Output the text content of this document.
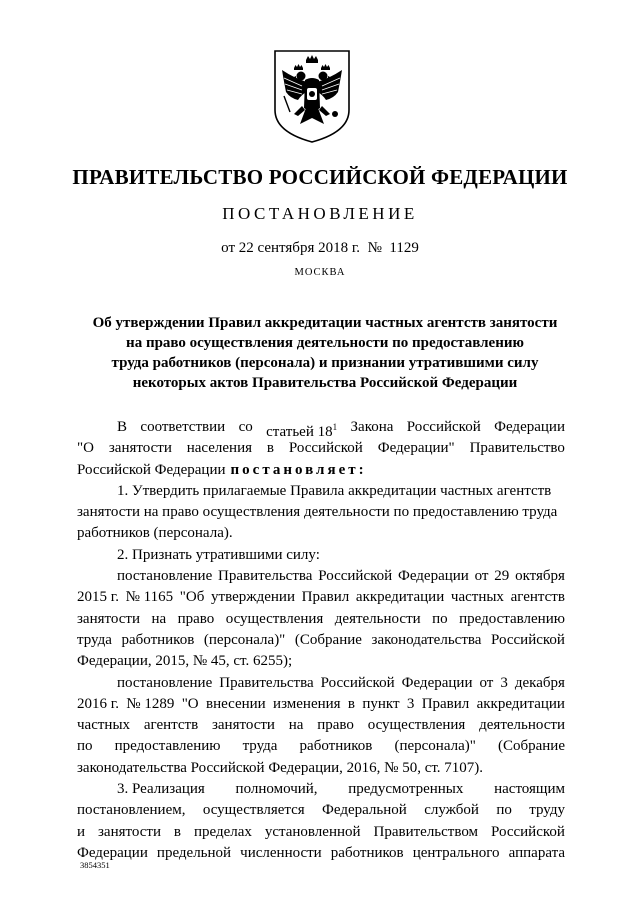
ПРАВИТЕЛЬСТВО РОССИЙСКОЙ ФЕДЕРАЦИИ
ПОСТАНОВЛЕНИЕ
от 22 сентября 2018 г. № 1129
МОСКВА
Об утверждении Правил аккредитации частных агентств занятости
на право осуществления деятельности по предоставлению
труда работников (персонала) и признании утратившими силу
некоторых актов Правительства Российской Федерации
В соответствии со статьей $18^1$ Закона Российской Федерации
"О занятости населения в Российской Федерации" Правительство
Российской Федерации постановляет:
1. Утвердить прилагаемые Правила аккредитации частных агентств
занятости на право осуществления деятельности по предоставлению труда
работников (персонала).
2. Признать утратившими силу:
постановление Правительства Российской Федерации от 29 октября
2015 г. № 1165 "Об утверждении Правил аккредитации частных агентств
занятости на право осуществления деятельности по предоставлению
труда работников (персонала)" (Собрание законодательства Российской
Федерации, 2015, № 45, ст. 6255);
постановление Правительства Российской Федерации от 3 декабря
2016 г. № 1289 "О внесении изменения в пункт 3 Правил аккредитации
частных агентств занятости на право осуществления деятельности
по предоставлению труда работников (персонала)" (Собрание
законодательства Российской Федерации, 2016, № 50, ст. 7107).
3. Реализация полномочий, предусмотренных настоящим
постановлением, осуществляется Федеральной службой по труду
и занятости в пределах установленной Правительством Российской
Федерации предельной численности работников центрального аппарата
3854351
